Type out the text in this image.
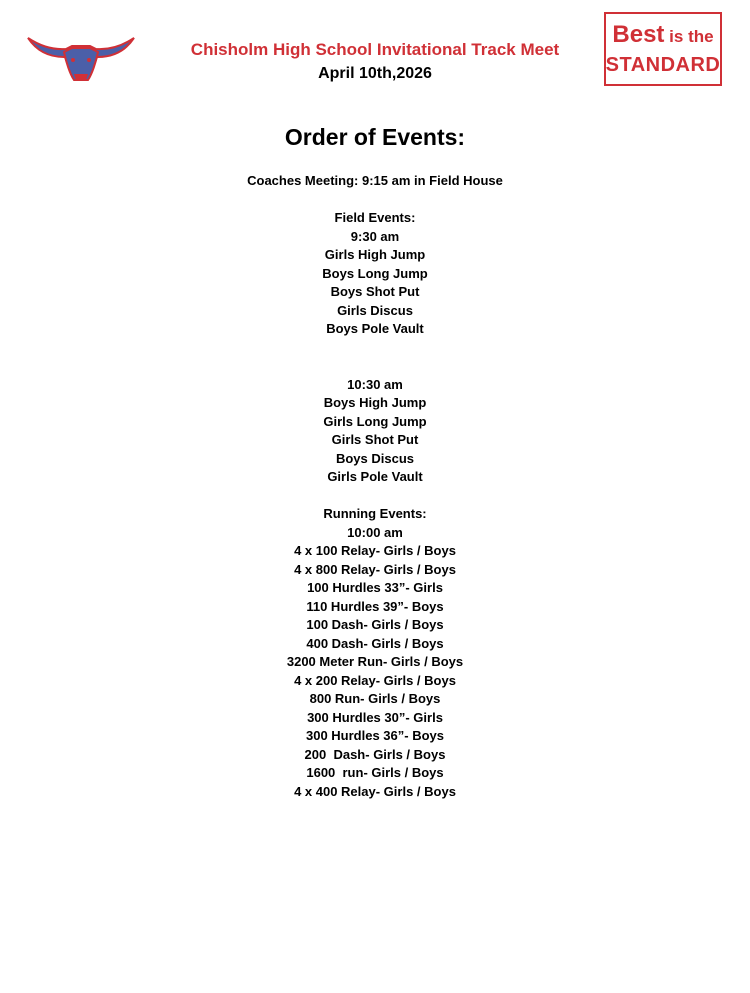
Chisholm High School Invitational Track Meet
April 10th,2026
Best is the
STANDARD
Order of Events:
Coaches Meeting: 9:15 am in Field House
Field Events:
9:30 am
Girls High Jump
Boys Long Jump
Boys Shot Put
Girls Discus
Boys Pole Vault
10:30 am
Boys High Jump
Girls Long Jump
Girls Shot Put
Boys Discus
Girls Pole Vault
Running Events:
10:00 am
4 x 100 Relay- Girls / Boys
4 x 800 Relay- Girls / Boys
100 Hurdles 33”- Girls
110 Hurdles 39”- Boys
100 Dash- Girls / Boys
400 Dash- Girls / Boys
3200 Meter Run- Girls / Boys
4 x 200 Relay- Girls / Boys
800 Run- Girls / Boys
300 Hurdles 30”- Girls
300 Hurdles 36”- Boys
200  Dash- Girls / Boys
1600  run- Girls / Boys
4 x 400 Relay- Girls / Boys
